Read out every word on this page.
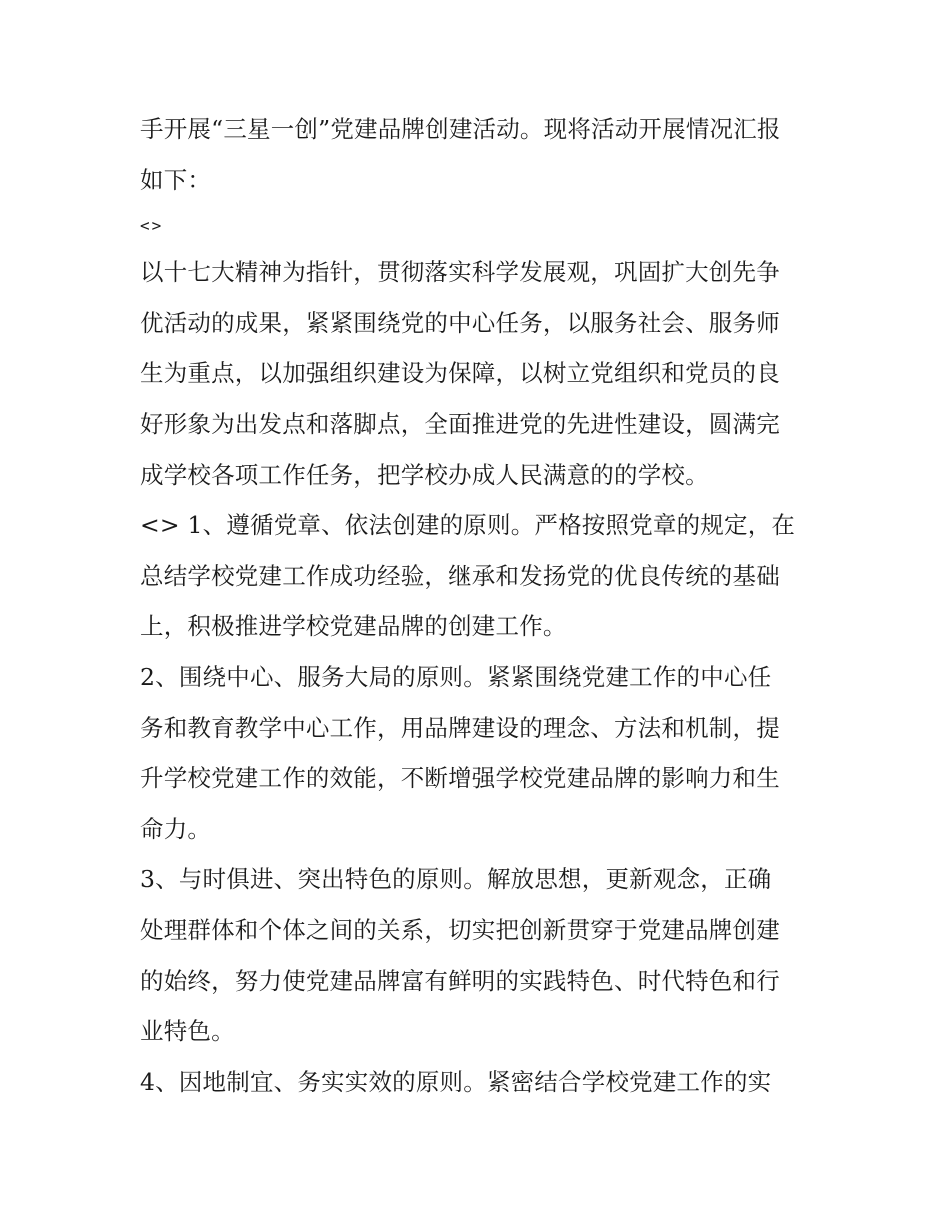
手开展“三星一创”党建品牌创建活动。现将活动开展情况汇报
如下：
<>
以十七大精神为指针，贯彻落实科学发展观，巩固扩大创先争
优活动的成果，紧紧围绕党的中心任务，以服务社会、服务师
生为重点，以加强组织建设为保障，以树立党组织和党员的良
好形象为出发点和落脚点，全面推进党的先进性建设，圆满完
成学校各项工作任务，把学校办成人民满意的的学校。
<> 1、遵循党章、依法创建的原则。严格按照党章的规定，在
总结学校党建工作成功经验，继承和发扬党的优良传统的基础
上，积极推进学校党建品牌的创建工作。
2、围绕中心、服务大局的原则。紧紧围绕党建工作的中心任
务和教育教学中心工作，用品牌建设的理念、方法和机制，提
升学校党建工作的效能，不断增强学校党建品牌的影响力和生
命力。
3、与时俱进、突出特色的原则。解放思想，更新观念，正确
处理群体和个体之间的关系，切实把创新贯穿于党建品牌创建
的始终，努力使党建品牌富有鲜明的实践特色、时代特色和行
业特色。
4、因地制宜、务实实效的原则。紧密结合学校党建工作的实
